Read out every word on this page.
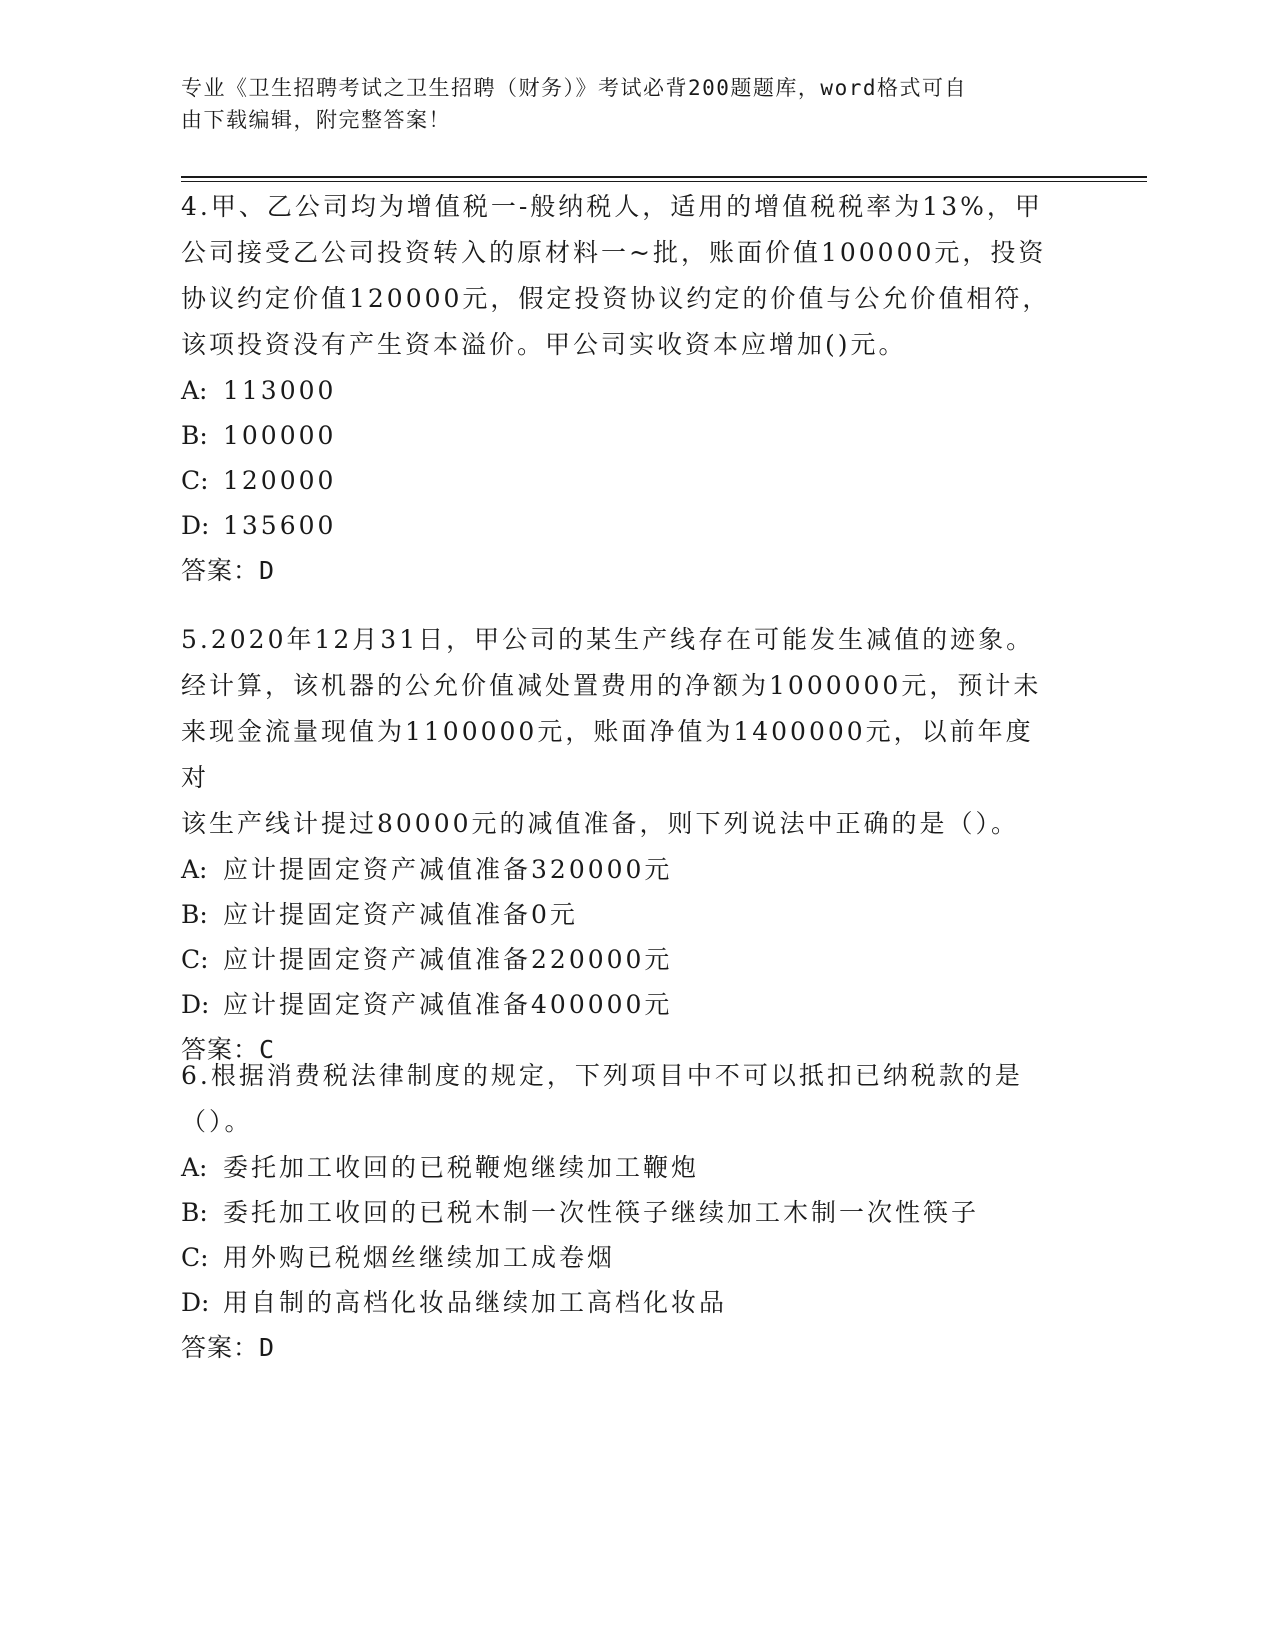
专业《卫生招聘考试之卫生招聘（财务）》考试必背200题题库，word格式可自
由下载编辑，附完整答案！

4.甲、乙公司均为增值税一-般纳税人，适用的增值税税率为13%，甲

公司接受乙公司投资转入的原材料一~批，账面价值100000元，投资

协议约定价值120000元，假定投资协议约定的价值与公允价值相符，

该项投资没有产生资本溢价。甲公司实收资本应增加()元。

A: 113000

B: 100000

C: 120000

D: 135600

答案：D

5.2020年12月31日，甲公司的某生产线存在可能发生减值的迹象。

经计算，该机器的公允价值减处置费用的净额为1000000元，预计未

来现金流量现值为1100000元，账面净值为1400000元，以前年度对

该生产线计提过80000元的减值准备，则下列说法中正确的是（）。

A: 应计提固定资产减值准备320000元

B: 应计提固定资产减值准备0元

C: 应计提固定资产减值准备220000元

D: 应计提固定资产减值准备400000元

答案：C

6.根据消费税法律制度的规定，下列项目中不可以抵扣已纳税款的是

（）。

A: 委托加工收回的已税鞭炮继续加工鞭炮

B: 委托加工收回的已税木制一次性筷子继续加工木制一次性筷子

C: 用外购已税烟丝继续加工成卷烟

D: 用自制的高档化妆品继续加工高档化妆品

答案：D
